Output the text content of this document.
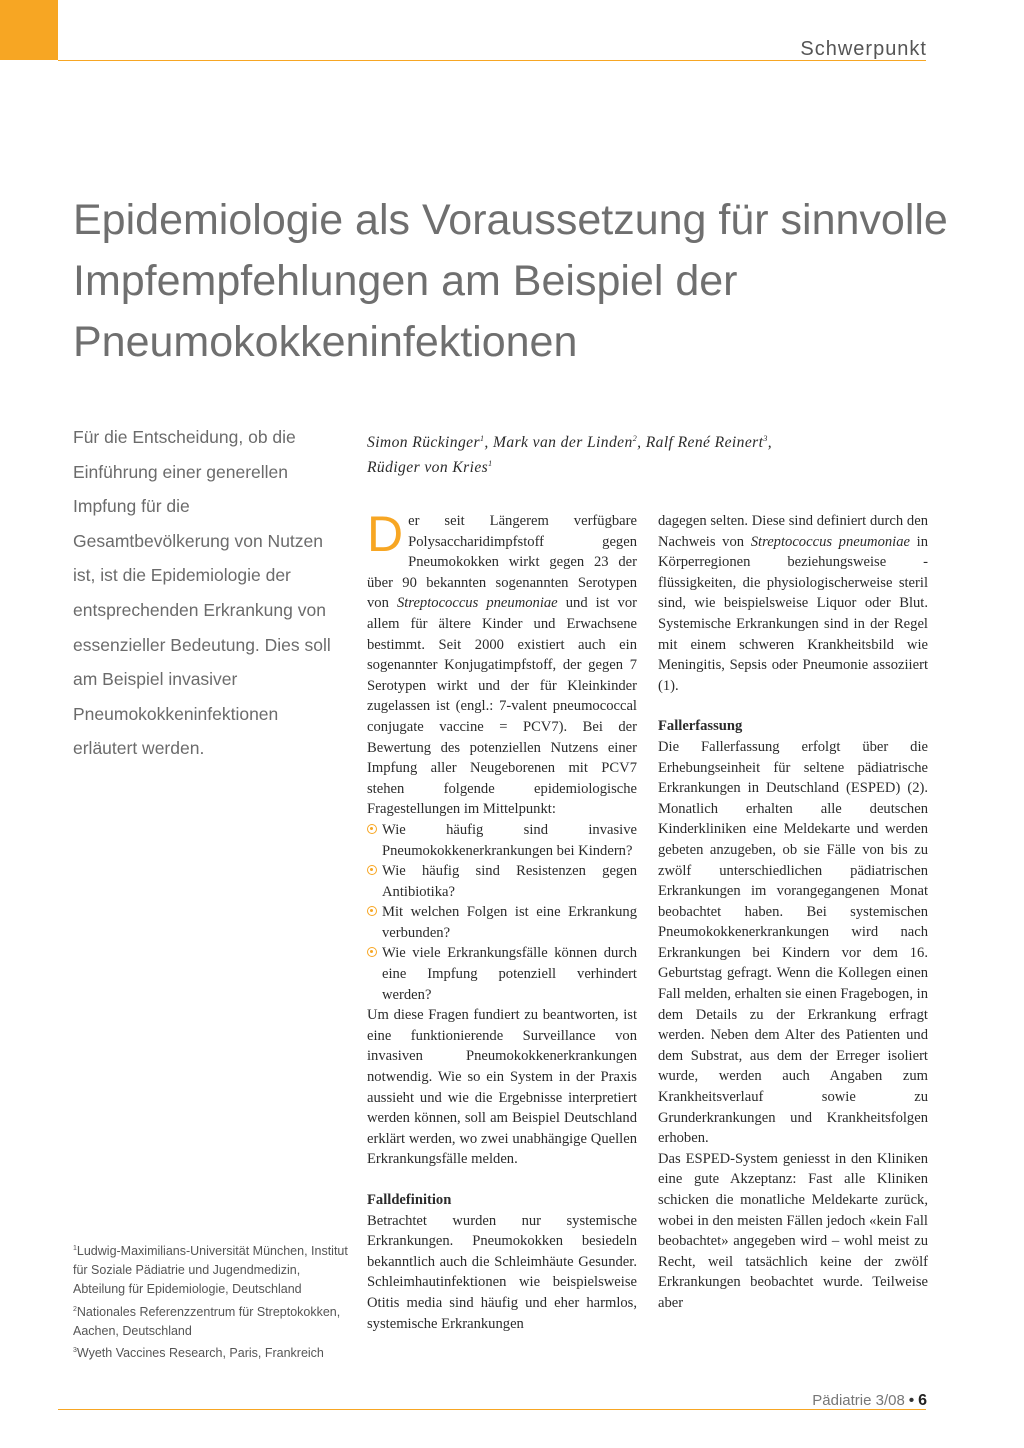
Schwerpunkt
Epidemiologie als Voraussetzung für sinnvolle Impfempfehlungen am Beispiel der Pneumokokkeninfektionen

Für die Entscheidung, ob die Einführung einer generellen Impfung für die Gesamtbevölkerung von Nutzen ist, ist die Epidemiologie der entsprechenden Erkrankung von essenzieller Bedeutung. Dies soll am Beispiel invasiver Pneumokokkeninfektionen erläutert werden.

Simon Rückinger$^1$, Mark van der Linden$^2$, Ralf René Reinert$^3$,
Rüdiger von Kries$^1$

Der seit Längerem verfügbare Polysaccharidimpfstoff gegen Pneumokokken wirkt gegen 23 der über 90 bekannten sogenannten Serotypen von Streptococcus pneumoniae und ist vor allem für ältere Kinder und Erwachsene bestimmt. Seit 2000 existiert auch ein sogenannter Konjugatimpfstoff, der gegen 7 Serotypen wirkt und der für Kleinkinder zugelassen ist (engl.: 7-valent pneumococcal conjugate vaccine = PCV7). Bei der Bewertung des potenziellen Nutzens einer Impfung aller Neugeborenen mit PCV7 stehen folgende epidemiologische Fragestellungen im Mittelpunkt:

Wie häufig sind invasive Pneumokokkenerkrankungen bei Kindern?

Wie häufig sind Resistenzen gegen Antibiotika?

Mit welchen Folgen ist eine Erkrankung verbunden?

Wie viele Erkrankungsfälle können durch eine Impfung potenziell verhindert werden?

Um diese Fragen fundiert zu beantworten, ist eine funktionierende Surveillance von invasiven Pneumokokkenerkrankungen notwendig. Wie so ein System in der Praxis aussieht und wie die Ergebnisse interpretiert werden können, soll am Beispiel Deutschland erklärt werden, wo zwei unabhängige Quellen Erkrankungsfälle melden.

Falldefinition

Betrachtet wurden nur systemische Erkrankungen. Pneumokokken besiedeln bekanntlich auch die Schleimhäute Gesunder. Schleimhautinfektionen wie beispielsweise Otitis media sind häufig und eher harmlos, systemische Erkrankungen

dagegen selten. Diese sind definiert durch den Nachweis von Streptococcus pneumoniae in Körperregionen beziehungsweise -flüssigkeiten, die physiologischerweise steril sind, wie beispielsweise Liquor oder Blut. Systemische Erkrankungen sind in der Regel mit einem schweren Krankheitsbild wie Meningitis, Sepsis oder Pneumonie assoziiert (1).

Fallerfassung

Die Fallerfassung erfolgt über die Erhebungseinheit für seltene pädiatrische Erkrankungen in Deutschland (ESPED) (2). Monatlich erhalten alle deutschen Kinderkliniken eine Meldekarte und werden gebeten anzugeben, ob sie Fälle von bis zu zwölf unterschiedlichen pädiatrischen Erkrankungen im vorangegangenen Monat beobachtet haben. Bei systemischen Pneumokokkenerkrankungen wird nach Erkrankungen bei Kindern vor dem 16. Geburtstag gefragt. Wenn die Kollegen einen Fall melden, erhalten sie einen Fragebogen, in dem Details zu der Erkrankung erfragt werden. Neben dem Alter des Patienten und dem Substrat, aus dem der Erreger isoliert wurde, werden auch Angaben zum Krankheitsverlauf sowie zu Grunderkrankungen und Krankheitsfolgen erhoben.

Das ESPED-System geniesst in den Kliniken eine gute Akzeptanz: Fast alle Kliniken schicken die monatliche Meldekarte zurück, wobei in den meisten Fällen jedoch «kein Fall beobachtet» angegeben wird – wohl meist zu Recht, weil tatsächlich keine der zwölf Erkrankungen beobachtet wurde. Teilweise aber

$^1$Ludwig-Maximilians-Universität München, Institut für Soziale Pädiatrie und Jugendmedizin, Abteilung für Epidemiologie, Deutschland
$^2$Nationales Referenzzentrum für Streptokokken, Aachen, Deutschland
$^3$Wyeth Vaccines Research, Paris, Frankreich
Pädiatrie 3/08 • 6
